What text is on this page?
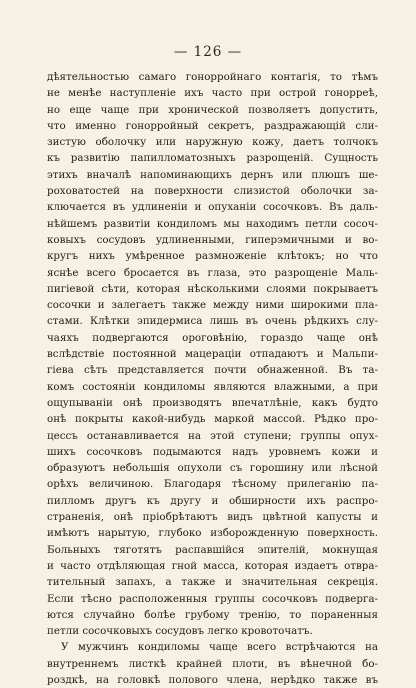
— 126 —
дѣятельностью самаго гонорройнаго контагія, то тѣмъ
не менѣе наступленіе ихъ часто при острой гонорреѣ,
но еще чаще при хронической позволяетъ допустить,
что именно гонорройный секретъ, раздражающій сли-
зистую оболочку или наружную кожу, даетъ толчокъ
къ развитію папилломатозныхъ разрощеній. Сущность
этихъ вначалѣ напоминающихъ дернъ или плюшъ ше-
роховатостей на поверхности слизистой оболочки за-
ключается въ удлиненіи и опуханіи сосочковъ. Въ даль-
нѣйшемъ развитіи кондиломъ мы находимъ петли сосоч-
ковыхъ сосудовъ удлиненными, гиперэмичными и во-
кругъ нихъ умѣренное размноженіе клѣтокъ; но что
яснѣе всего бросается въ глаза, это разрощеніе Маль-
пигіевой сѣти, которая нѣсколькими слоями покрываетъ
сосочки и залегаетъ также между ними широкими пла-
стами. Клѣтки эпидермиса лишь въ очень рѣдкихъ слу-
чаяхъ подвергаются ороговѣнію, гораздо чаще онѣ
вслѣдствіе постоянной мацераціи отпадаютъ и Мальпи-
гіева сѣть представляется почти обнаженной. Въ та-
комъ состояніи кондиломы являются влажными, а при
ощупываніи онѣ производятъ впечатлѣніе, какъ будто
онѣ покрыты какой-нибудь маркой массой. Рѣдко про-
цессъ останавливается на этой ступени; группы опух-
шихъ сосочковъ подымаются надъ уровнемъ кожи и
образуютъ небольшія опухоли съ горошину или лѣсной
орѣхъ величиною. Благодаря тѣсному прилеганію па-
пилломъ другъ къ другу и обширности ихъ распро-
страненія, онѣ пріобрѣтаютъ видъ цвѣтной капусты и
имѣютъ нарытую, глубоко изборожденную поверхность.
Больныхъ тяготятъ распавшійся эпителій, мокнущая
и часто отдѣляющая гной масса, которая издаетъ отвра-
тительный запахъ, а также и значительная секреція.
Если тѣсно расположенныя группы сосочковъ подверга-
ются случайно болѣе грубому тренію, то пораненныя
петли сосочковыхъ сосудовъ легко кровоточатъ.
У мужчинъ кондиломы чаще всего встрѣчаются на
внутреннемъ листкѣ крайней плоти, въ вѣнечной бо-
роздкѣ, на головкѣ полового члена, нерѣдко также въ
